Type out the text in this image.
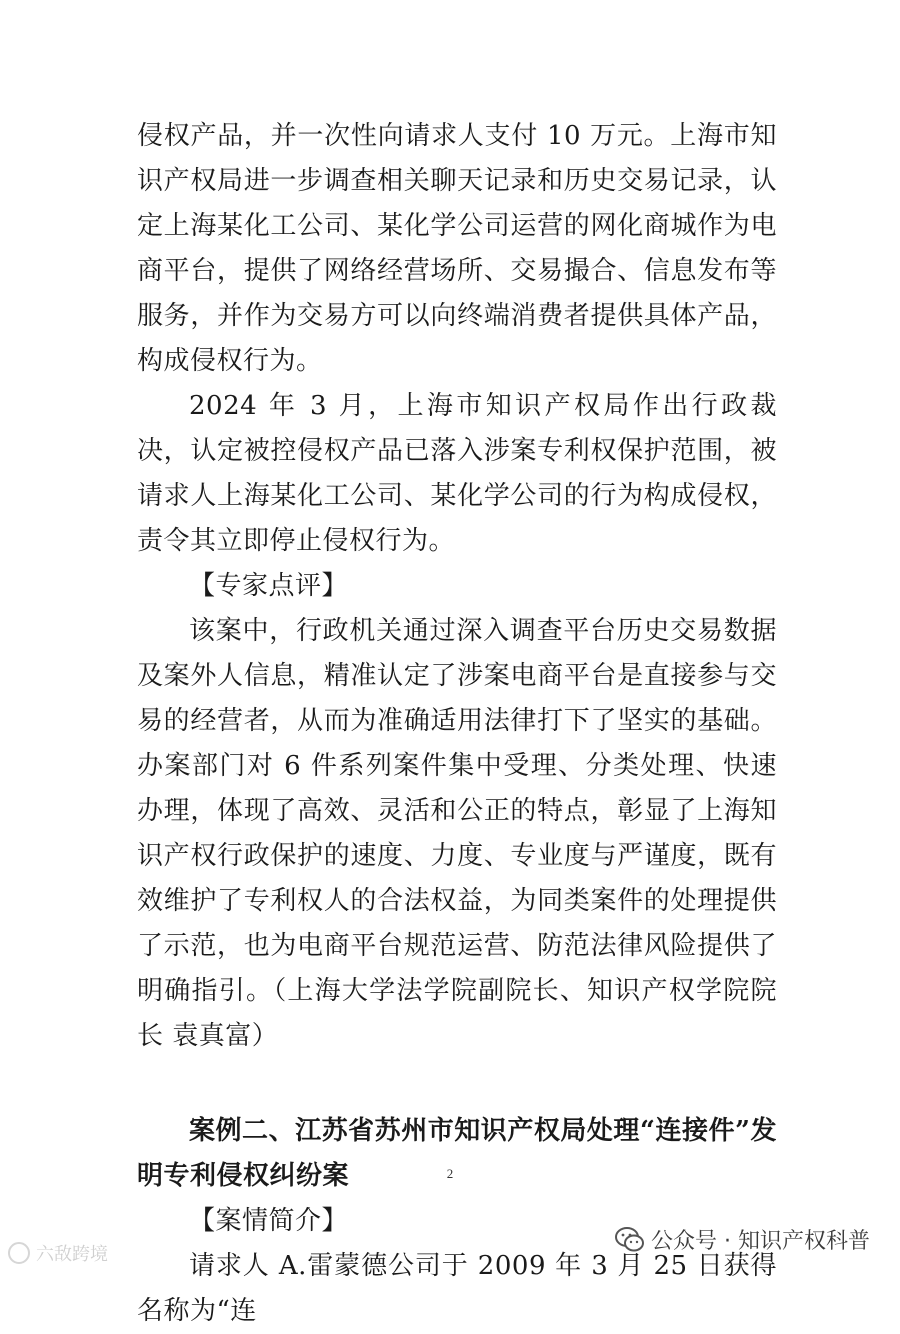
侵权产品，并一次性向请求人支付 10 万元。上海市知识产权局进一步调查相关聊天记录和历史交易记录，认定上海某化工公司、某化学公司运营的网化商城作为电商平台，提供了网络经营场所、交易撮合、信息发布等服务，并作为交易方可以向终端消费者提供具体产品，构成侵权行为。

2024 年 3 月，上海市知识产权局作出行政裁决，认定被控侵权产品已落入涉案专利权保护范围，被请求人上海某化工公司、某化学公司的行为构成侵权，责令其立即停止侵权行为。

【专家点评】

该案中，行政机关通过深入调查平台历史交易数据及案外人信息，精准认定了涉案电商平台是直接参与交易的经营者，从而为准确适用法律打下了坚实的基础。办案部门对 6 件系列案件集中受理、分类处理、快速办理，体现了高效、灵活和公正的特点，彰显了上海知识产权行政保护的速度、力度、专业度与严谨度，既有效维护了专利权人的合法权益，为同类案件的处理提供了示范，也为电商平台规范运营、防范法律风险提供了明确指引。（上海大学法学院副院长、知识产权学院院长 袁真富）

案例二、江苏省苏州市知识产权局处理“连接件”发明专利侵权纠纷案

【案情简介】

请求人 A.雷蒙德公司于 2009 年 3 月 25 日获得名称为“连

2
六敌跨境
公众号 · 知识产权科普
